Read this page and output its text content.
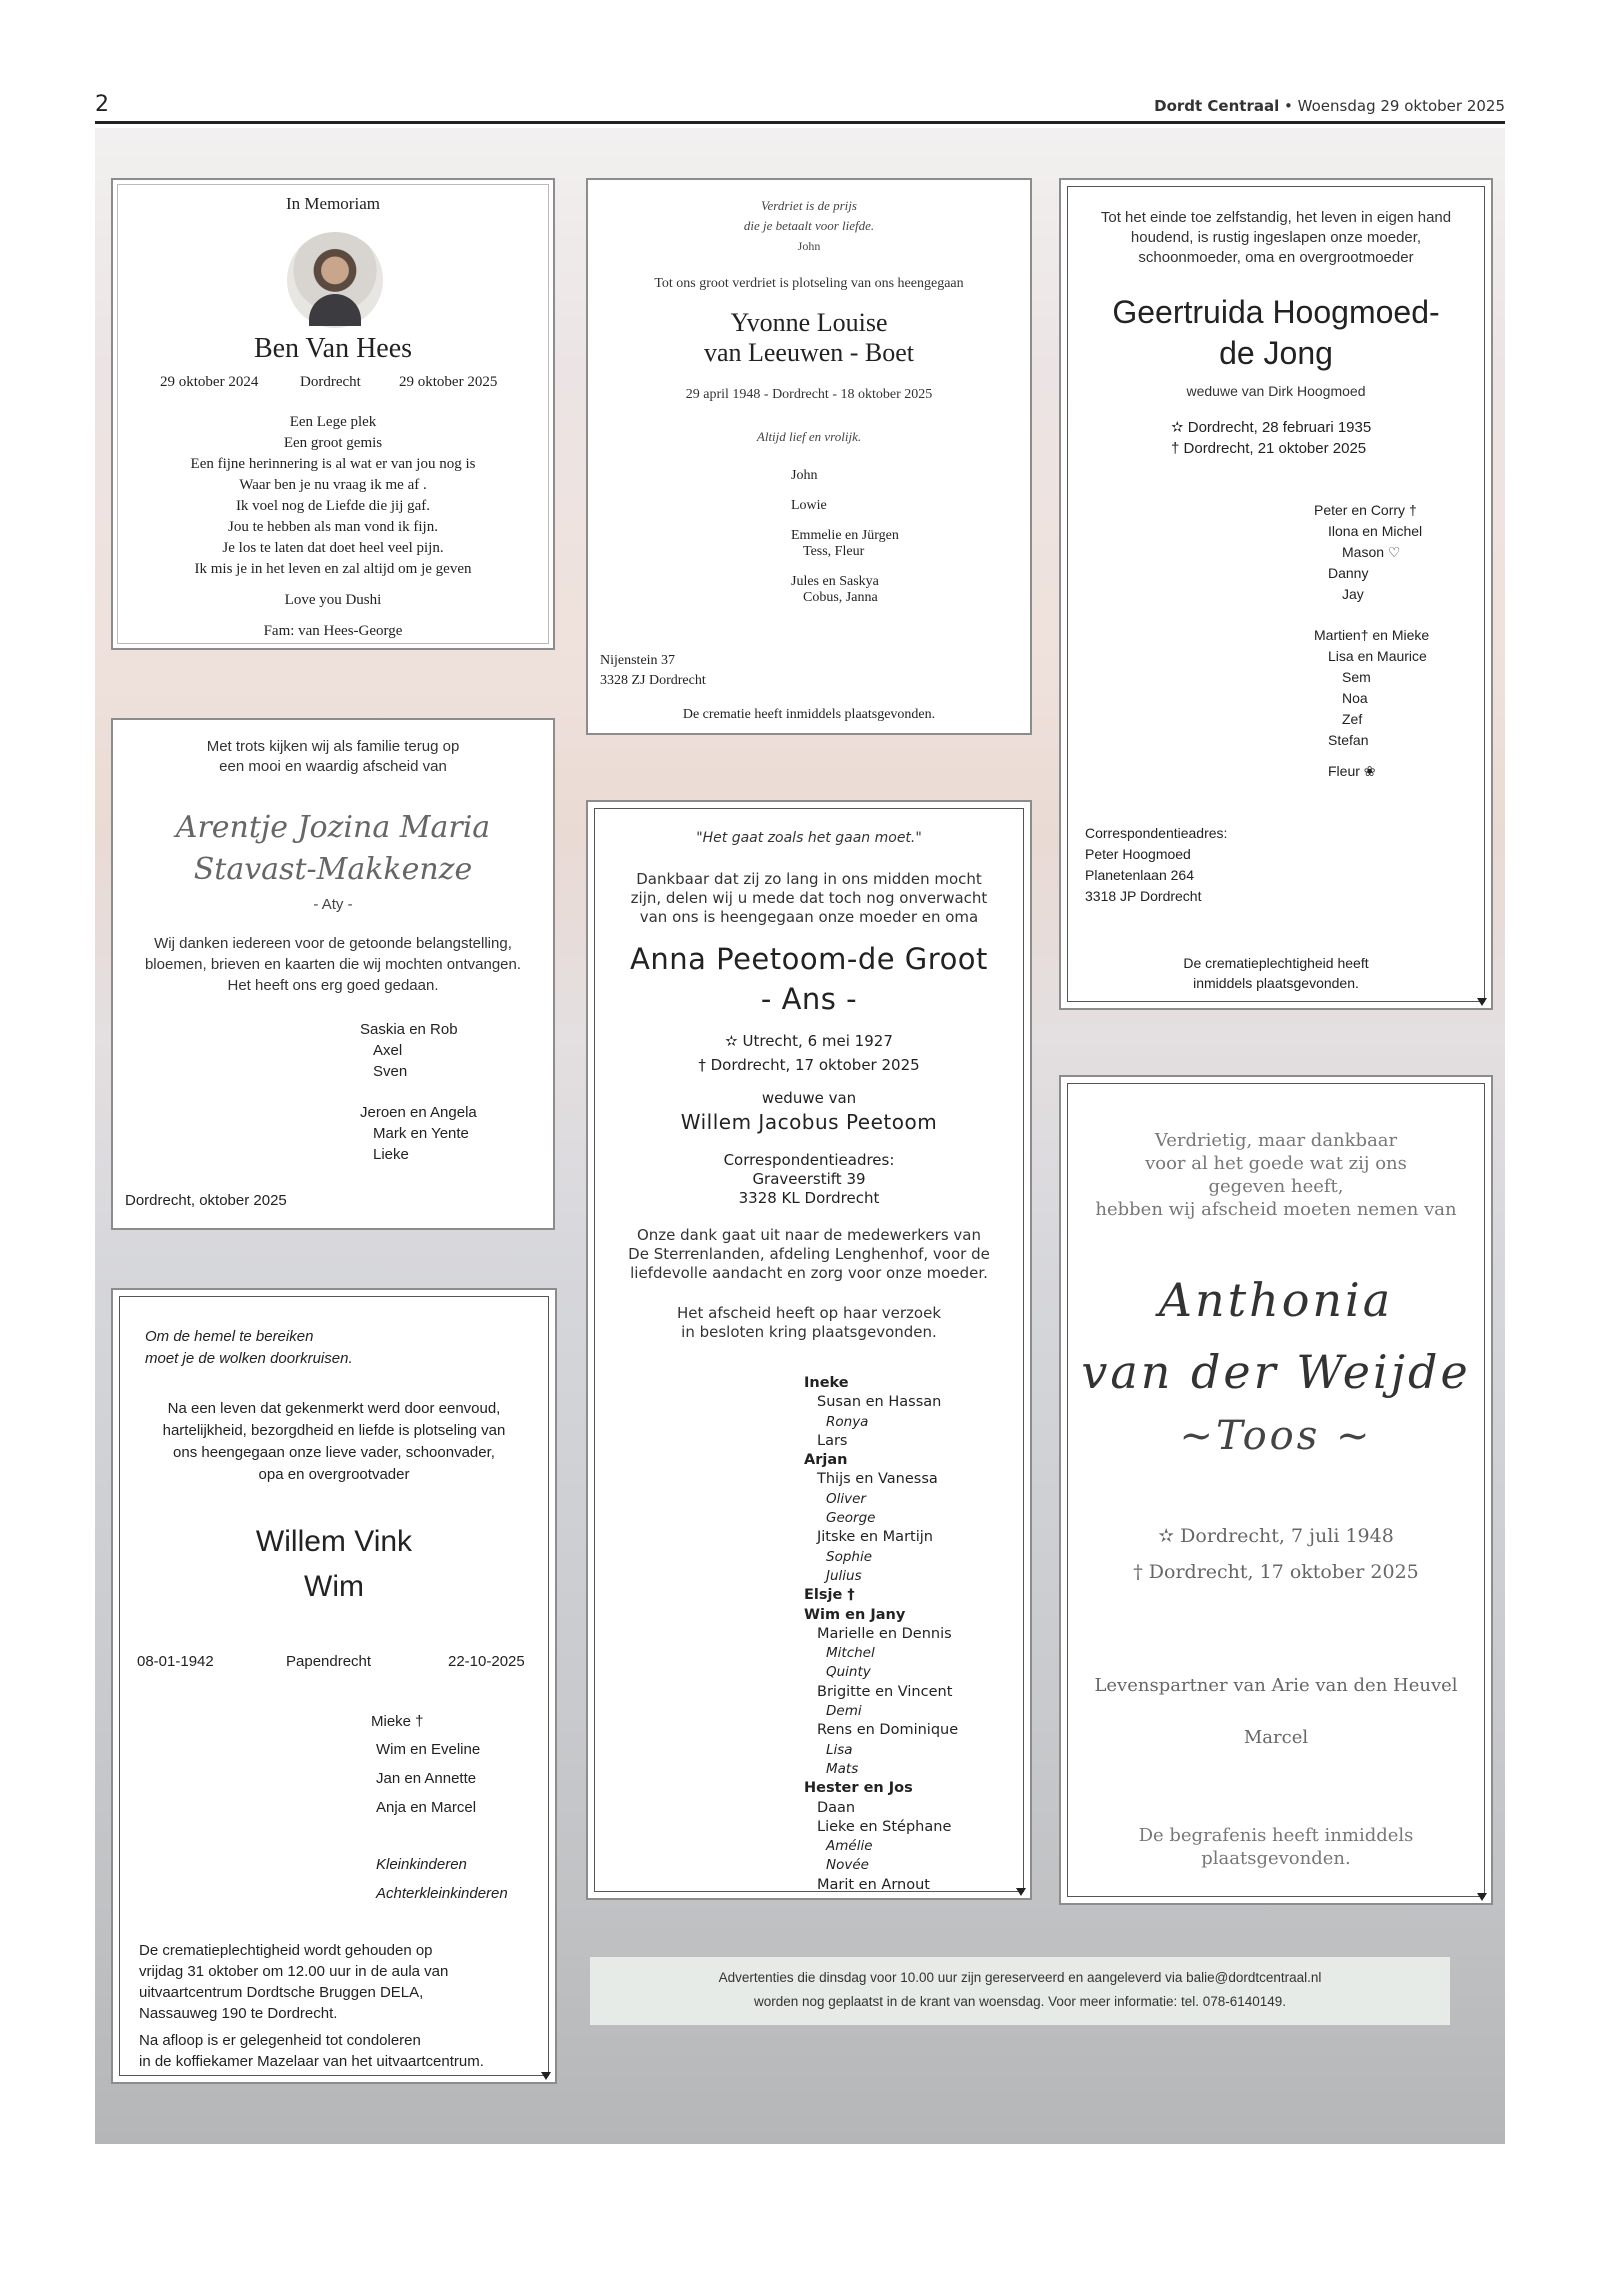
2	Dordt Centraal • Woensdag 29 oktober 2025
In Memoriam
Ben Van Hees
29 oktober 2024	Dordrecht	29 oktober 2025
Een Lege plek
Een groot gemis
Een fijne herinnering is al wat er van jou nog is
Waar ben je nu vraag ik me af .
Ik voel nog de Liefde die jij gaf.
Jou te hebben als man vond ik fijn.
Je los te laten dat doet heel veel pijn.
Ik mis je in het leven en zal altijd om je geven
Love you Dushi
Fam: van Hees-George
Verdriet is de prijs
die je betaalt voor liefde.
John
Tot ons groot verdriet is plotseling van ons heengegaan
Yvonne Louise
van Leeuwen - Boet
29 april 1948 - Dordrecht - 18 oktober 2025
Altijd lief en vrolijk.
John
Lowie
Emmelie en Jürgen
Tess, Fleur
Jules en Saskya
Cobus, Janna
Nijenstein 37
3328 ZJ Dordrecht
De crematie heeft inmiddels plaatsgevonden.
Tot het einde toe zelfstandig, het leven in eigen hand
houdend, is rustig ingeslapen onze moeder,
schoonmoeder, oma en overgrootmoeder
Geertruida Hoogmoed-
de Jong
weduwe van Dirk Hoogmoed
✫ Dordrecht, 28 februari 1935
† Dordrecht, 21 oktober 2025
Peter en Corry †
Ilona en Michel
Mason ♡
Danny
Jay
Martien† en Mieke
Lisa en Maurice
Sem
Noa
Zef
Stefan
Fleur ❀
Correspondentieadres:
Peter Hoogmoed
Planetenlaan 264
3318 JP Dordrecht
De crematieplechtigheid heeft
inmiddels plaatsgevonden.
Met trots kijken wij als familie terug op
een mooi en waardig afscheid van
Arentje Jozina Maria
Stavast-Makkenze
- Aty -
Wij danken iedereen voor de getoonde belangstelling,
bloemen, brieven en kaarten die wij mochten ontvangen.
Het heeft ons erg goed gedaan.
Saskia en Rob
Axel
Sven
Jeroen en Angela
Mark en Yente
Lieke
Dordrecht, oktober 2025
"Het gaat zoals het gaan moet."
Dankbaar dat zij zo lang in ons midden mocht
zijn, delen wij u mede dat toch nog onverwacht
van ons is heengegaan onze moeder en oma
Anna Peetoom-de Groot
- Ans -
✫ Utrecht, 6 mei 1927
† Dordrecht, 17 oktober 2025
weduwe van
Willem Jacobus Peetoom
Correspondentieadres:
Graveerstift 39
3328 KL Dordrecht
Onze dank gaat uit naar de medewerkers van
De Sterrenlanden, afdeling Lenghenhof, voor de
liefdevolle aandacht en zorg voor onze moeder.
Het afscheid heeft op haar verzoek
in besloten kring plaatsgevonden.
Ineke
Susan en Hassan
Ronya
Lars
Arjan
Thijs en Vanessa
Oliver
George
Jitske en Martijn
Sophie
Julius
Elsje †
Wim en Jany
Marielle en Dennis
Mitchel
Quinty
Brigitte en Vincent
Demi
Rens en Dominique
Lisa
Mats
Hester en Jos
Daan
Lieke en Stéphane
Amélie
Novée
Marit en Arnout
Verdrietig, maar dankbaar
voor al het goede wat zij ons
gegeven heeft,
hebben wij afscheid moeten nemen van
Anthonia
van der Weijde
~Toos ~
✫ Dordrecht, 7 juli 1948
† Dordrecht, 17 oktober 2025
Levenspartner van Arie van den Heuvel
Marcel
De begrafenis heeft inmiddels
plaatsgevonden.
Om de hemel te bereiken
moet je de wolken doorkruisen.
Na een leven dat gekenmerkt werd door eenvoud,
hartelijkheid, bezorgdheid en liefde is plotseling van
ons heengegaan onze lieve vader, schoonvader,
opa en overgrootvader
Willem Vink
Wim
08-01-1942	Papendrecht	22-10-2025
Mieke †
Wim en Eveline
Jan en Annette
Anja en Marcel
Kleinkinderen
Achterkleinkinderen
De crematieplechtigheid wordt gehouden op
vrijdag 31 oktober om 12.00 uur in de aula van
uitvaartcentrum Dordtsche Bruggen DELA,
Nassauweg 190 te Dordrecht.
Na afloop is er gelegenheid tot condoleren
in de koffiekamer Mazelaar van het uitvaartcentrum.
Advertenties die dinsdag voor 10.00 uur zijn gereserveerd en aangeleverd via balie@dordtcentraal.nl
worden nog geplaatst in de krant van woensdag. Voor meer informatie: tel. 078-6140149.
